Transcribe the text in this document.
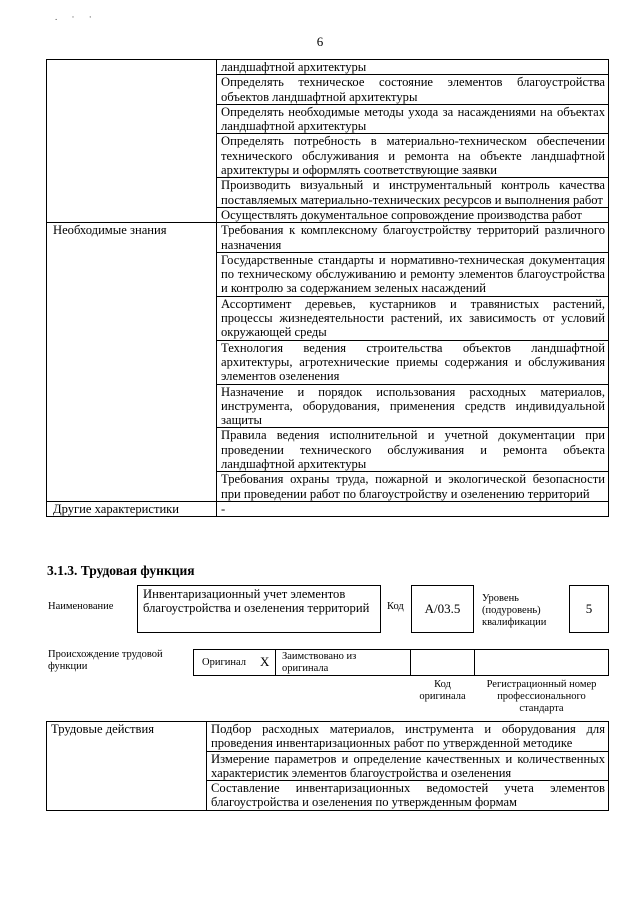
. · ·
6
	ландшафтной архитектуры
	Определять техническое состояние элементов благоустройства объектов ландшафтной архитектуры
	Определять необходимые методы ухода за насаждениями на объектах ландшафтной архитектуры
	Определять потребность в материально-техническом обеспечении технического обслуживания и ремонта на объекте ландшафтной архитектуры и оформлять соответствующие заявки
	Производить визуальный и инструментальный контроль качества поставляемых материально-технических ресурсов и выполнения работ
	Осуществлять документальное сопровождение производства работ
Необходимые знания	Требования к комплексному благоустройству территорий различного назначения
	Государственные стандарты и нормативно-техническая документация по техническому обслуживанию и ремонту элементов благоустройства и контролю за содержанием зеленых насаждений
	Ассортимент деревьев, кустарников и травянистых растений, процессы жизнедеятельности растений, их зависимость от условий окружающей среды
	Технология ведения строительства объектов ландшафтной архитектуры, агротехнические приемы содержания и обслуживания элементов озеленения
	Назначение и порядок использования расходных материалов, инструмента, оборудования, применения средств индивидуальной защиты
	Правила ведения исполнительной и учетной документации при проведении технического обслуживания и ремонта объекта ландшафтной архитектуры
	Требования охраны труда, пожарной и экологической безопасности при проведении работ по благоустройству и озеленению территорий
Другие характеристики	-
3.1.3. Трудовая функция
Наименование
Инвентаризационный учет элементов благоустройства и озеленения территорий	Код	А/03.5
Уровень (подуровень) квалификации
5
Происхождение трудовой функции	Оригинал X Заимствовано из оригинала
Код оригинала
Регистрационный номер профессионального стандарта
Трудовые действия	Подбор расходных материалов, инструмента и оборудования для проведения инвентаризационных работ по утвержденной методике
Измерение параметров и определение качественных и количественных характеристик элементов благоустройства и озеленения
Составление инвентаризационных ведомостей учета элементов благоустройства и озеленения по утвержденным формам
